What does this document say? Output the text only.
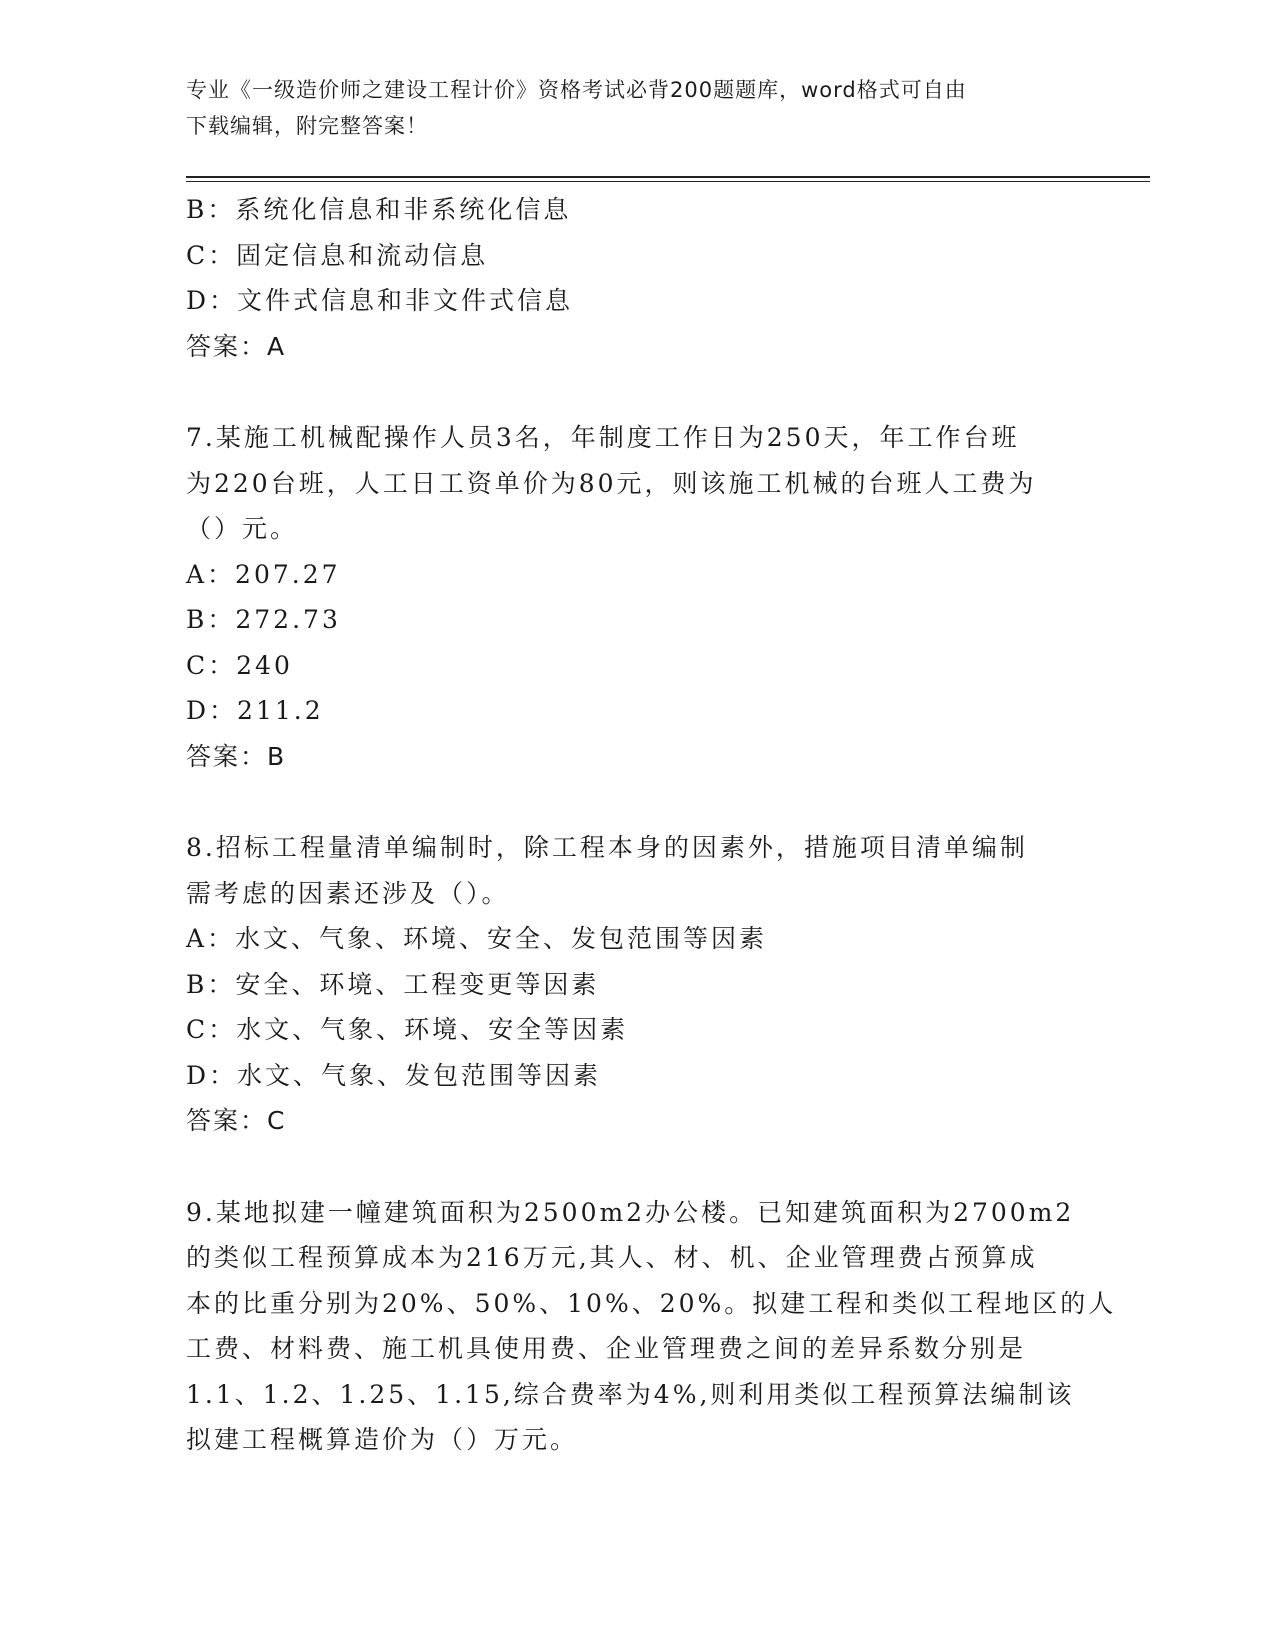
专业《一级造价师之建设工程计价》资格考试必背200题题库，word格式可自由
下载编辑，附完整答案！
B：系统化信息和非系统化信息
C：固定信息和流动信息
D：文件式信息和非文件式信息
答案：A
7.某施工机械配操作人员3名，年制度工作日为250天，年工作台班
为220台班，人工日工资单价为80元，则该施工机械的台班人工费为
（）元。
A：207.27
B：272.73
C：240
D：211.2
答案：B
8.招标工程量清单编制时，除工程本身的因素外，措施项目清单编制
需考虑的因素还涉及（）。
A：水文、气象、环境、安全、发包范围等因素
B：安全、环境、工程变更等因素
C：水文、气象、环境、安全等因素
D：水文、气象、发包范围等因素
答案：C
9.某地拟建一幢建筑面积为2500m2办公楼。已知建筑面积为2700m2
的类似工程预算成本为216万元,其人、材、机、企业管理费占预算成
本的比重分别为20%、50%、10%、20%。拟建工程和类似工程地区的人
工费、材料费、施工机具使用费、企业管理费之间的差异系数分别是
1.1、1.2、1.25、1.15,综合费率为4%,则利用类似工程预算法编制该
拟建工程概算造价为（）万元。
